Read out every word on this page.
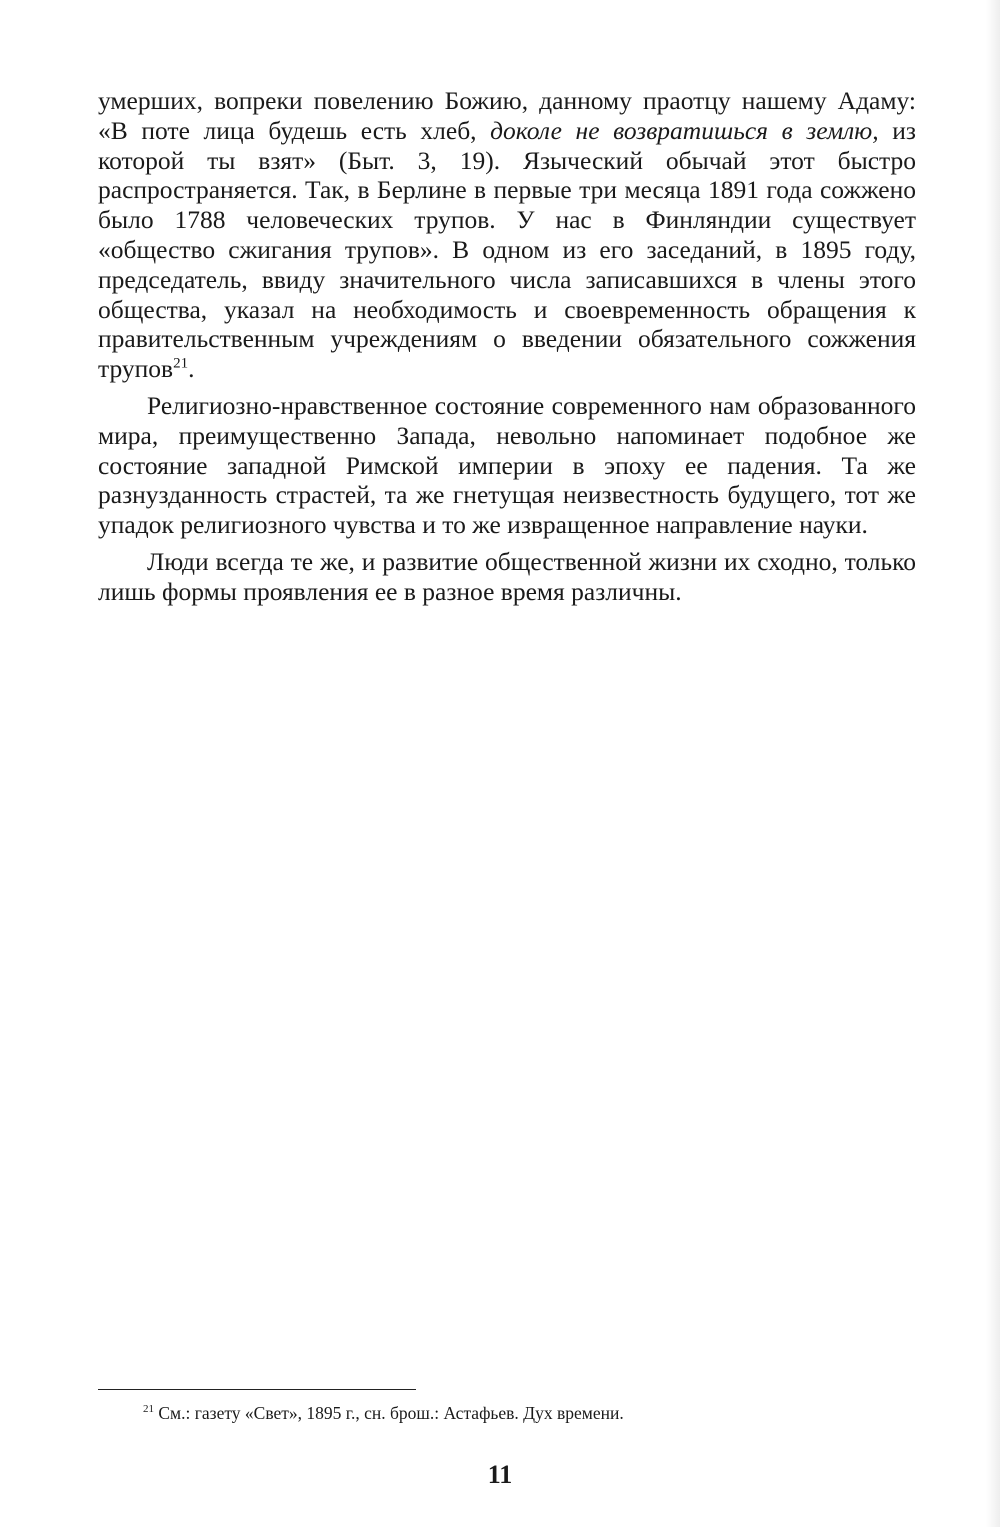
умерших, вопреки повелению Божию, данному праотцу нашему Адаму: «В поте лица будешь есть хлеб, доколе не возвратишься в землю, из которой ты взят» (Быт. 3, 19). Языческий обычай этот быстро распространяется. Так, в Берлине в первые три месяца 1891 года сожжено было 1788 человеческих трупов. У нас в Финляндии существует «общество сжигания трупов». В одном из его заседаний, в 1895 году, председатель, ввиду значительного числа записавшихся в члены этого общества, указал на необходимость и своевременность обращения к правительственным учреждениям о введении обязательного сожжения трупов$^{21}$.

Религиозно-нравственное состояние современного нам образованного мира, преимущественно Запада, невольно напоминает подобное же состояние западной Римской империи в эпоху ее падения. Та же разнузданность страстей, та же гнетущая неизвестность будущего, тот же упадок религиозного чувства и то же извращенное направление науки.

Люди всегда те же, и развитие общественной жизни их сходно, только лишь формы проявления ее в разное время различны.

$^{21}$ См.: газету «Свет», 1895 г., сн. брош.: Астафьев. Дух времени.
11
